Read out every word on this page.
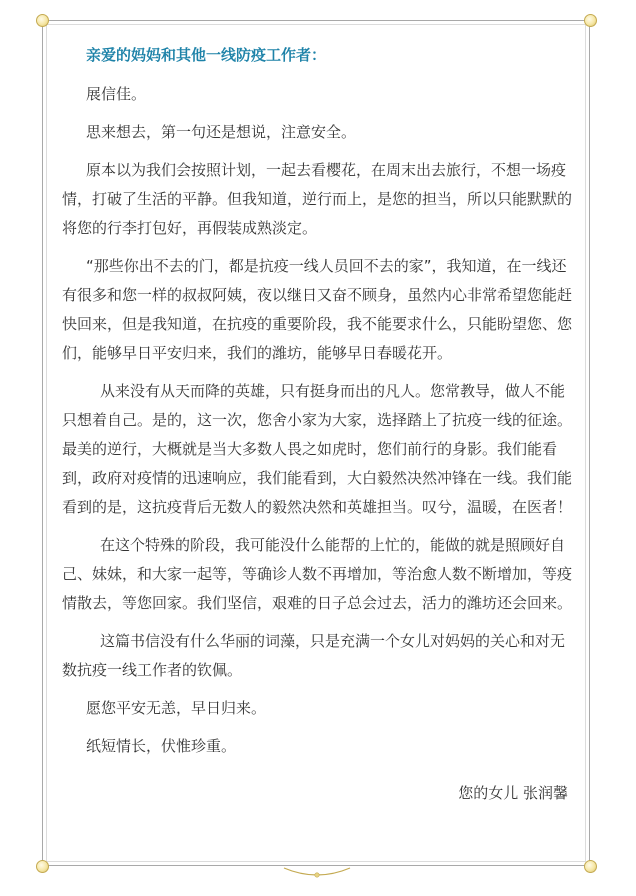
亲爱的妈妈和其他一线防疫工作者：

展信佳。

思来想去，第一句还是想说，注意安全。

原本以为我们会按照计划，一起去看樱花，在周末出去旅行，不想一场疫情，打破了生活的平静。但我知道，逆行而上，是您的担当，所以只能默默的将您的行李打包好，再假装成熟淡定。

“那些你出不去的门，都是抗疫一线人员回不去的家”，我知道，在一线还有很多和您一样的叔叔阿姨，夜以继日又奋不顾身，虽然内心非常希望您能赶快回来，但是我知道，在抗疫的重要阶段，我不能要求什么，只能盼望您、您们，能够早日平安归来，我们的潍坊，能够早日春暖花开。

从来没有从天而降的英雄，只有挺身而出的凡人。您常教导，做人不能只想着自己。是的，这一次，您舍小家为大家，选择踏上了抗疫一线的征途。最美的逆行，大概就是当大多数人畏之如虎时，您们前行的身影。我们能看到，政府对疫情的迅速响应，我们能看到，大白毅然决然冲锋在一线。我们能看到的是，这抗疫背后无数人的毅然决然和英雄担当。叹兮，温暖，在医者！

在这个特殊的阶段，我可能没什么能帮的上忙的，能做的就是照顾好自己、妹妹，和大家一起等，等确诊人数不再增加，等治愈人数不断增加，等疫情散去，等您回家。我们坚信，艰难的日子总会过去，活力的潍坊还会回来。

这篇书信没有什么华丽的词藻，只是充满一个女儿对妈妈的关心和对无数抗疫一线工作者的钦佩。

愿您平安无恙，早日归来。

纸短情长，伏惟珍重。

您的女儿 张润馨
